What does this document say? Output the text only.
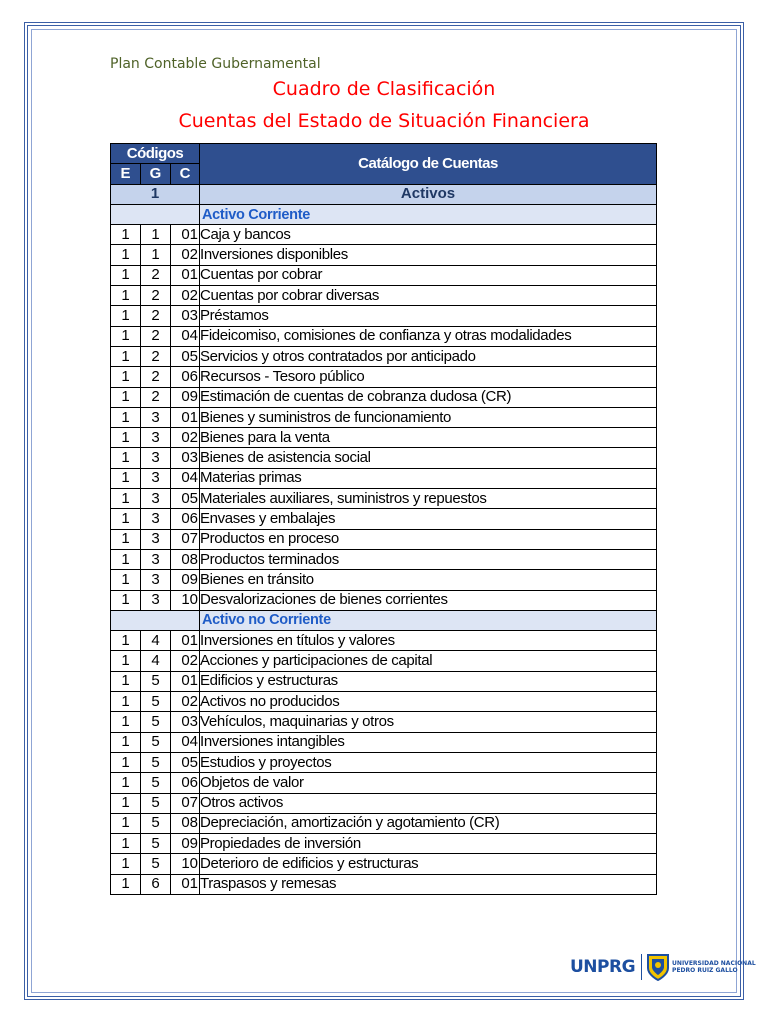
Plan Contable Gubernamental
Cuadro de Clasificación
Cuentas del Estado de Situación Financiera
Códigos			Catálogo de Cuentas
E	G	C	
1			Activos
			Activo Corriente
1	1	01	Caja y bancos
1	1	02	Inversiones disponibles
1	2	01	Cuentas por cobrar
1	2	02	Cuentas por cobrar diversas
1	2	03	Préstamos
1	2	04	Fideicomiso, comisiones de confianza y otras modalidades
1	2	05	Servicios y otros contratados por anticipado
1	2	06	Recursos - Tesoro público
1	2	09	Estimación de cuentas de cobranza dudosa (CR)
1	3	01	Bienes y suministros de funcionamiento
1	3	02	Bienes para la venta
1	3	03	Bienes de asistencia social
1	3	04	Materias primas
1	3	05	Materiales auxiliares, suministros y repuestos
1	3	06	Envases y embalajes
1	3	07	Productos en proceso
1	3	08	Productos terminados
1	3	09	Bienes en tránsito
1	3	10	Desvalorizaciones de bienes corrientes
			Activo no Corriente
1	4	01	Inversiones en títulos y valores
1	4	02	Acciones y participaciones de capital
1	5	01	Edificios y estructuras
1	5	02	Activos no producidos
1	5	03	Vehículos, maquinarias y otros
1	5	04	Inversiones intangibles
1	5	05	Estudios y proyectos
1	5	06	Objetos de valor
1	5	07	Otros activos
1	5	08	Depreciación, amortización y agotamiento (CR)
1	5	09	Propiedades de inversión
1	5	10	Deterioro de edificios y estructuras
1	6	01	Traspasos y remesas
UNPRG	UNIVERSIDAD NACIONAL
PEDRO RUIZ GALLO
